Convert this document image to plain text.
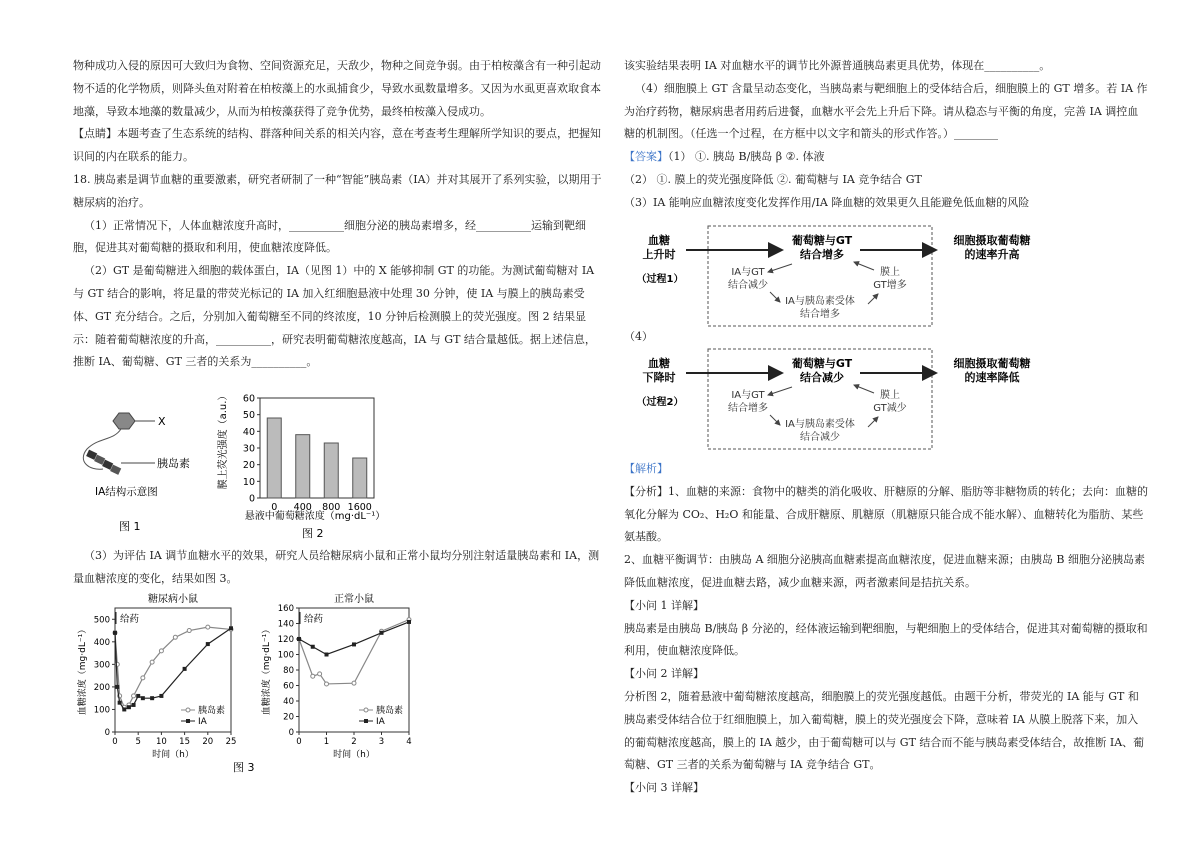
物种成功入侵的原因可大致归为食物、空间资源充足，天敌少，物种之间竞争弱。由于柏桉藻含有一种引起动物不适的化学物质，则降头鱼对附着在柏桉藻上的水虱捕食少，导致水虱数量增多。又因为水虱更喜欢取食本地藻，导致本地藻的数量减少，从而为柏桉藻获得了竞争优势，最终柏桉藻入侵成功。

【点睛】本题考查了生态系统的结构、群落种间关系的相关内容，意在考查考生理解所学知识的要点，把握知识间的内在联系的能力。

18. 胰岛素是调节血糖的重要激素，研究者研制了一种“智能”胰岛素（IA）并对其展开了系列实验，以期用于糖尿病的治疗。

（1）正常情况下，人体血糖浓度升高时，__________细胞分泌的胰岛素增多，经__________运输到靶细胞，促进其对葡萄糖的摄取和利用，使血糖浓度降低。

（2）GT 是葡萄糖进入细胞的载体蛋白，IA（见图 1）中的 X 能够抑制 GT 的功能。为测试葡萄糖对 IA 与 GT 结合的影响，将足量的带荧光标记的 IA 加入红细胞悬液中处理 30 分钟，使 IA 与膜上的胰岛素受体、GT 充分结合。之后，分别加入葡萄糖至不同的终浓度，10 分钟后检测膜上的荧光强度。图 2 结果显示：随着葡萄糖浓度的升高，__________，研究表明葡萄糖浓度越高，IA 与 GT 结合量越低。据上述信息，推断 IA、葡萄糖、GT 三者的关系为__________。

X
胰岛素
IA结构示意图
图 1
膜上荧光强度（a.u.）
悬液中葡萄糖浓度（mg·dL⁻¹）
图 2
0
10
20
30
40
50
60
0 400 800 1600

（3）为评估 IA 调节血糖水平的效果，研究人员给糖尿病小鼠和正常小鼠均分别注射适量胰岛素和 IA，测量血糖浓度的变化，结果如图 3。

图 3
糖尿病小鼠
0
100
200
300
400
500
0 5 10 15 20 25
时间（h）
血糖浓度（mg·dL⁻¹）
给药
胰岛素
IA
正常小鼠
0
20
40
60
80
100
120
140
160
0	1	2	3	4
时间（h）
血糖浓度（mg·dL⁻¹）
给药
胰岛素
IA

该实验结果表明 IA 对血糖水平的调节比外源普通胰岛素更具优势，体现在__________。

（4）细胞膜上 GT 含量呈动态变化，当胰岛素与靶细胞上的受体结合后，细胞膜上的 GT 增多。若 IA 作为治疗药物，糖尿病患者用药后进餐，血糖水平会先上升后下降。请从稳态与平衡的角度，完善 IA 调控血糖的机制图。（任选一个过程，在方框中以文字和箭头的形式作答。）________

【答案】（1） ①. 胰岛 B/胰岛 β ②. 体液

（2） ①. 膜上的荧光强度降低 ②. 葡萄糖与 IA 竞争结合 GT

（3）IA 能响应血糖浓度变化发挥作用/IA 降血糖的效果更久且能避免低血糖的风险

血糖
上升时
（过程1）
葡萄糖与GT
结合增多
细胞摄取葡萄糖
的速率升高
IA与GT
结合减少
膜上
GT增多
IA与胰岛素受体
结合增多

（4）

血糖
下降时
（过程2）
葡萄糖与GT
结合减少
细胞摄取葡萄糖
的速率降低
IA与GT
结合增多
膜上
GT减少
IA与胰岛素受体
结合减少

【解析】

【分析】1、血糖的来源：食物中的糖类的消化吸收、肝糖原的分解、脂肪等非糖物质的转化；去向：血糖的氧化分解为 CO₂、H₂O 和能量、合成肝糖原、肌糖原（肌糖原只能合成不能水解）、血糖转化为脂肪、某些氨基酸。

2、血糖平衡调节：由胰岛 A 细胞分泌胰高血糖素提高血糖浓度，促进血糖来源；由胰岛 B 细胞分泌胰岛素降低血糖浓度，促进血糖去路，减少血糖来源，两者激素间是拮抗关系。

【小问 1 详解】

胰岛素是由胰岛 B/胰岛 β 分泌的，经体液运输到靶细胞，与靶细胞上的受体结合，促进其对葡萄糖的摄取和利用，使血糖浓度降低。

【小问 2 详解】

分析图 2，随着悬液中葡萄糖浓度越高，细胞膜上的荧光强度越低。由题干分析，带荧光的 IA 能与 GT 和胰岛素受体结合位于红细胞膜上，加入葡萄糖，膜上的荧光强度会下降，意味着 IA 从膜上脱落下来，加入的葡萄糖浓度越高，膜上的 IA 越少，由于葡萄糖可以与 GT 结合而不能与胰岛素受体结合，故推断 IA、葡萄糖、GT 三者的关系为葡萄糖与 IA 竞争结合 GT。

【小问 3 详解】
